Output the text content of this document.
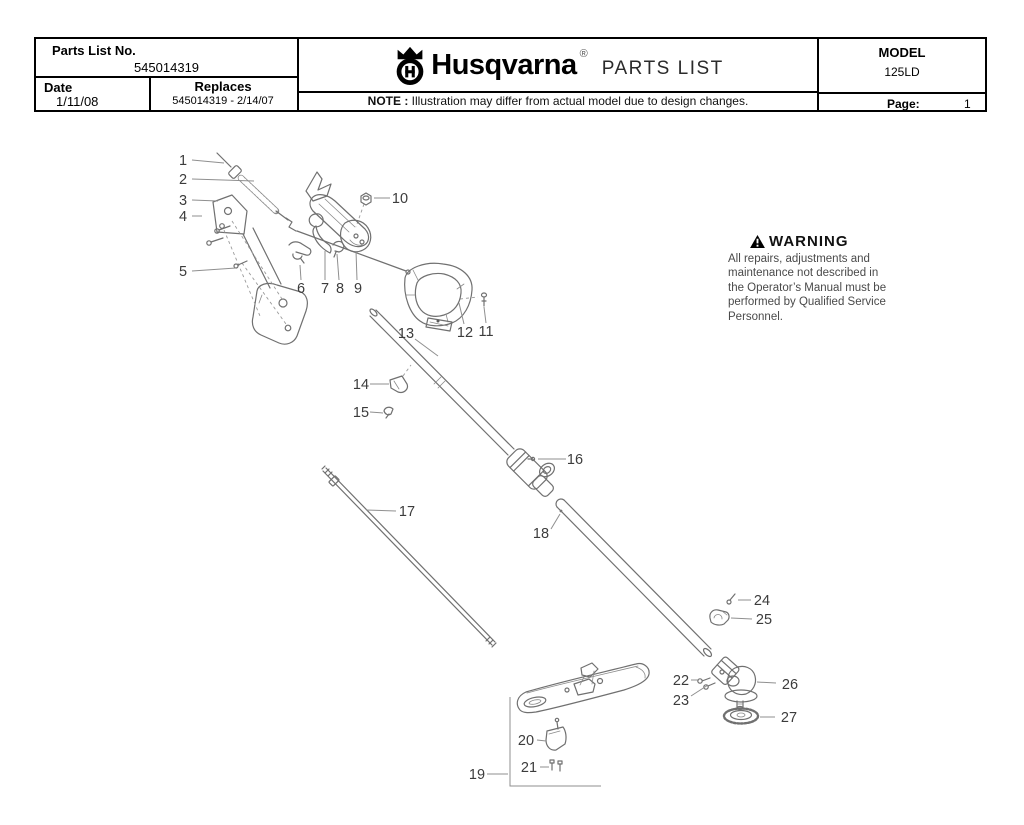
1
2
3
4
5
6 7 8 9
10
11
12
13
14
15
16
17
18
19
20
21
22
23
24
25
26
27
Parts List No.
545014319
Date
1/11/08
Replaces
545014319 - 2/14/07
Husqvarna ®
PARTS LIST
NOTE : Illustration may differ from actual model due to design changes.
MODEL
125LD
Page:	1
WARNING
All repairs, adjustments and
maintenance not described in
the Operator’s Manual must be
performed by Qualified Service
Personnel.
